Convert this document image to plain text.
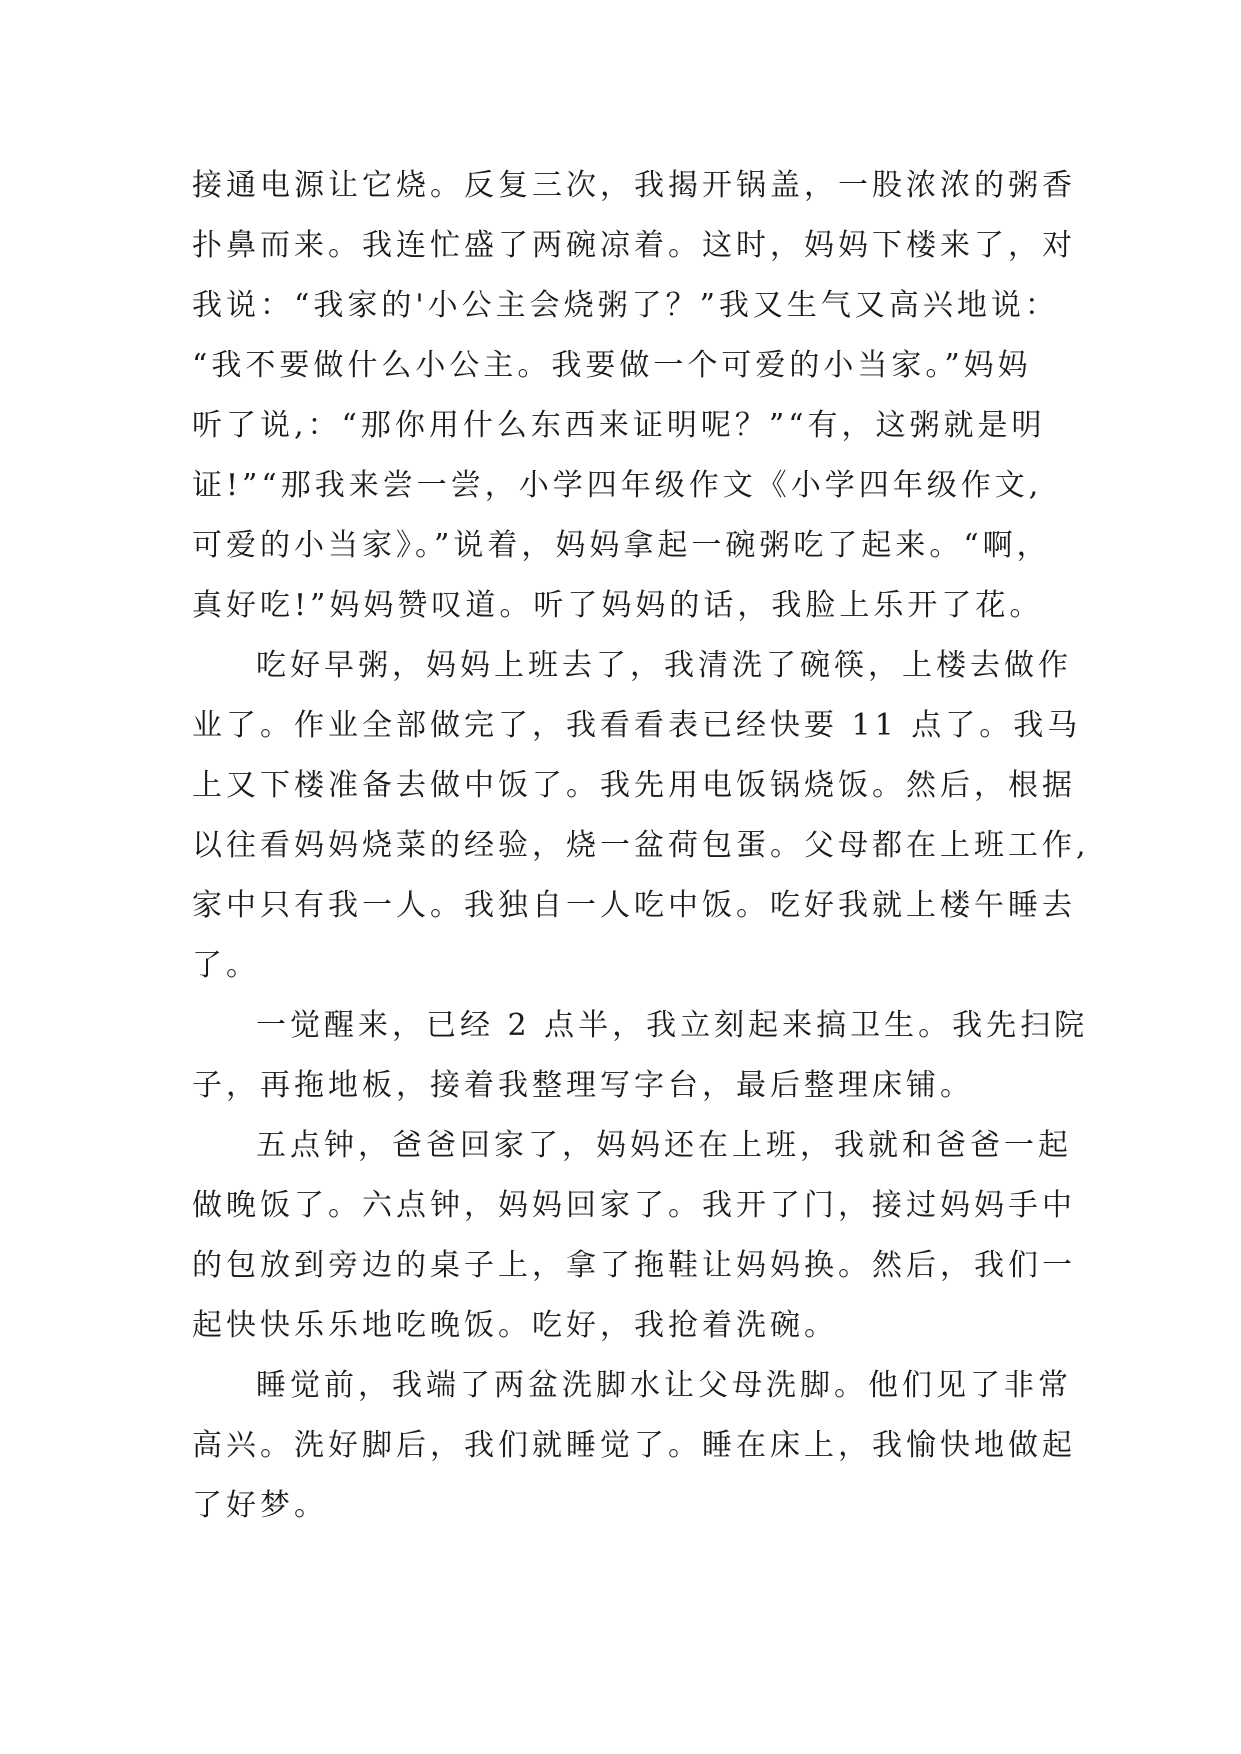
接通电源让它烧。反复三次，我揭开锅盖，一股浓浓的粥香
扑鼻而来。我连忙盛了两碗凉着。这时，妈妈下楼来了，对
我说：“我家的'小公主会烧粥了？”我又生气又高兴地说：
“我不要做什么小公主。我要做一个可爱的小当家。”妈妈
听了说,：“那你用什么东西来证明呢？”“有，这粥就是明
证!”“那我来尝一尝，小学四年级作文《小学四年级作文,
可爱的小当家》。”说着，妈妈拿起一碗粥吃了起来。“啊，
真好吃!”妈妈赞叹道。听了妈妈的话，我脸上乐开了花。
吃好早粥，妈妈上班去了，我清洗了碗筷，上楼去做作
业了。作业全部做完了，我看看表已经快要 11 点了。我马
上又下楼准备去做中饭了。我先用电饭锅烧饭。然后，根据
以往看妈妈烧菜的经验，烧一盆荷包蛋。父母都在上班工作,
家中只有我一人。我独自一人吃中饭。吃好我就上楼午睡去
了。
一觉醒来，已经 2 点半，我立刻起来搞卫生。我先扫院
子，再拖地板，接着我整理写字台，最后整理床铺。
五点钟，爸爸回家了，妈妈还在上班，我就和爸爸一起
做晚饭了。六点钟，妈妈回家了。我开了门，接过妈妈手中
的包放到旁边的桌子上，拿了拖鞋让妈妈换。然后，我们一
起快快乐乐地吃晚饭。吃好，我抢着洗碗。
睡觉前，我端了两盆洗脚水让父母洗脚。他们见了非常
高兴。洗好脚后，我们就睡觉了。睡在床上，我愉快地做起
了好梦。
